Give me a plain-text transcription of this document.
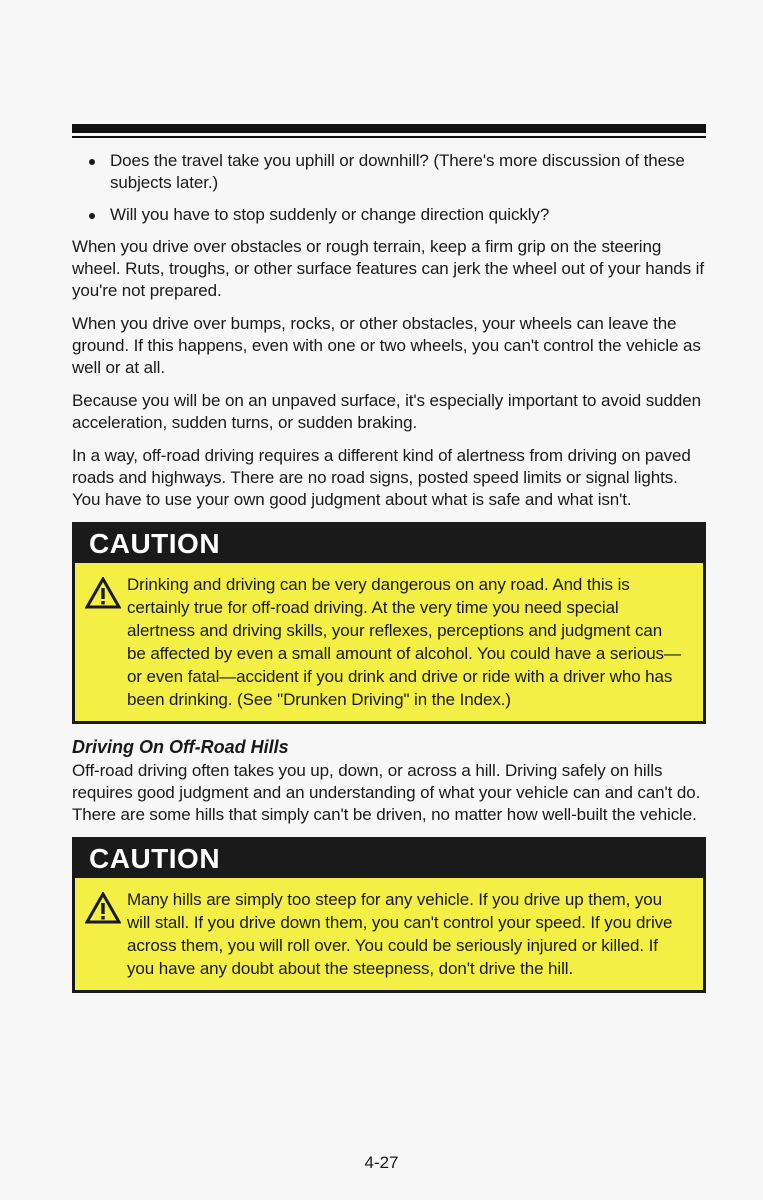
Does the travel take you uphill or downhill? (There's more discussion of these subjects later.)
Will you have to stop suddenly or change direction quickly?

When you drive over obstacles or rough terrain, keep a firm grip on the steering wheel. Ruts, troughs, or other surface features can jerk the wheel out of your hands if you're not prepared.

When you drive over bumps, rocks, or other obstacles, your wheels can leave the ground. If this happens, even with one or two wheels, you can't control the vehicle as well or at all.

Because you will be on an unpaved surface, it's especially important to avoid sudden acceleration, sudden turns, or sudden braking.

In a way, off-road driving requires a different kind of alertness from driving on paved roads and highways. There are no road signs, posted speed limits or signal lights. You have to use your own good judgment about what is safe and what isn't.

CAUTION
Drinking and driving can be very dangerous on any road. And this is certainly true for off-road driving. At the very time you need special alertness and driving skills, your reflexes, perceptions and judgment can be affected by even a small amount of alcohol. You could have a serious—or even fatal—accident if you drink and drive or ride with a driver who has been drinking. (See "Drunken Driving" in the Index.)
Driving On Off-Road Hills

Off-road driving often takes you up, down, or across a hill. Driving safely on hills requires good judgment and an understanding of what your vehicle can and can't do. There are some hills that simply can't be driven, no matter how well-built the vehicle.

CAUTION
Many hills are simply too steep for any vehicle. If you drive up them, you will stall. If you drive down them, you can't control your speed. If you drive across them, you will roll over. You could be seriously injured or killed. If you have any doubt about the steepness, don't drive the hill.
4-27
